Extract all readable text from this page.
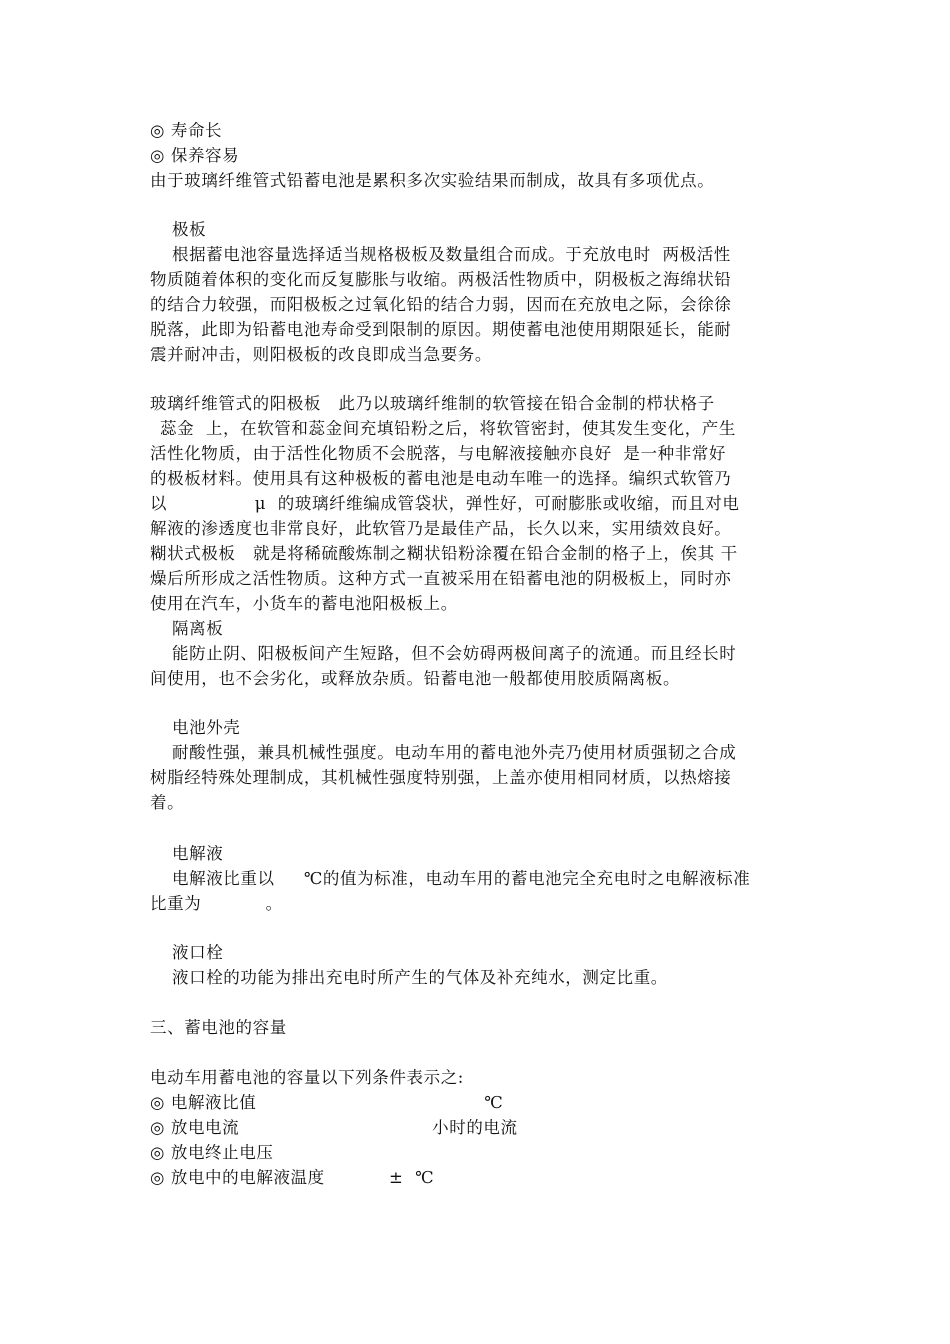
◎ 寿命长
◎ 保养容易
由于玻璃纤维管式铅蓄电池是累积多次实验结果而制成，故具有多项优点。
极板
根据蓄电池容量选择适当规格极板及数量组合而成。于充放电时  两极活性
物质随着体积的变化而反复膨胀与收缩。两极活性物质中，阴极板之海绵状铅
的结合力较强，而阳极板之过氧化铅的结合力弱，因而在充放电之际，会徐徐
脱落，此即为铅蓄电池寿命受到限制的原因。期使蓄电池使用期限延长，能耐
震并耐冲击，则阳极板的改良即成当急要务。
玻璃纤维管式的阳极板   此乃以玻璃纤维制的软管接在铅合金制的栉状格子
蕊金  上，在软管和蕊金间充填铅粉之后，将软管密封，使其发生变化，产生
活性化物质，由于活性化物质不会脱落，与电解液接触亦良好  是一种非常好
的极板材料。使用具有这种极板的蓄电池是电动车唯一的选择。编织式软管乃
以               μ  的玻璃纤维编成管袋状，弹性好，可耐膨胀或收缩，而且对电
解液的渗透度也非常良好，此软管乃是最佳产品，长久以来，实用绩效良好。
糊状式极板   就是将稀硫酸炼制之糊状铅粉涂覆在铅合金制的格子上，俟其 干
燥后所形成之活性物质。这种方式一直被采用在铅蓄电池的阴极板上，同时亦
使用在汽车，小货车的蓄电池阳极板上。
隔离板
能防止阴、阳极板间产生短路，但不会妨碍两极间离子的流通。而且经长时
间使用，也不会劣化，或释放杂质。铅蓄电池一般都使用胶质隔离板。
电池外壳
耐酸性强，兼具机械性强度。电动车用的蓄电池外壳乃使用材质强韧之合成
树脂经特殊处理制成，其机械性强度特别强，上盖亦使用相同材质，以热熔接
着。
电解液
电解液比重以     ℃的值为标准，电动车用的蓄电池完全充电时之电解液标准
比重为           。
液口栓
液口栓的功能为排出充电时所产生的气体及补充纯水，测定比重。
三、蓄电池的容量
电动车用蓄电池的容量以下列条件表示之:
◎ 电解液比值                                       ℃
◎ 放电电流                                 小时的电流
◎ 放电终止电压
◎ 放电中的电解液温度           ±  ℃
